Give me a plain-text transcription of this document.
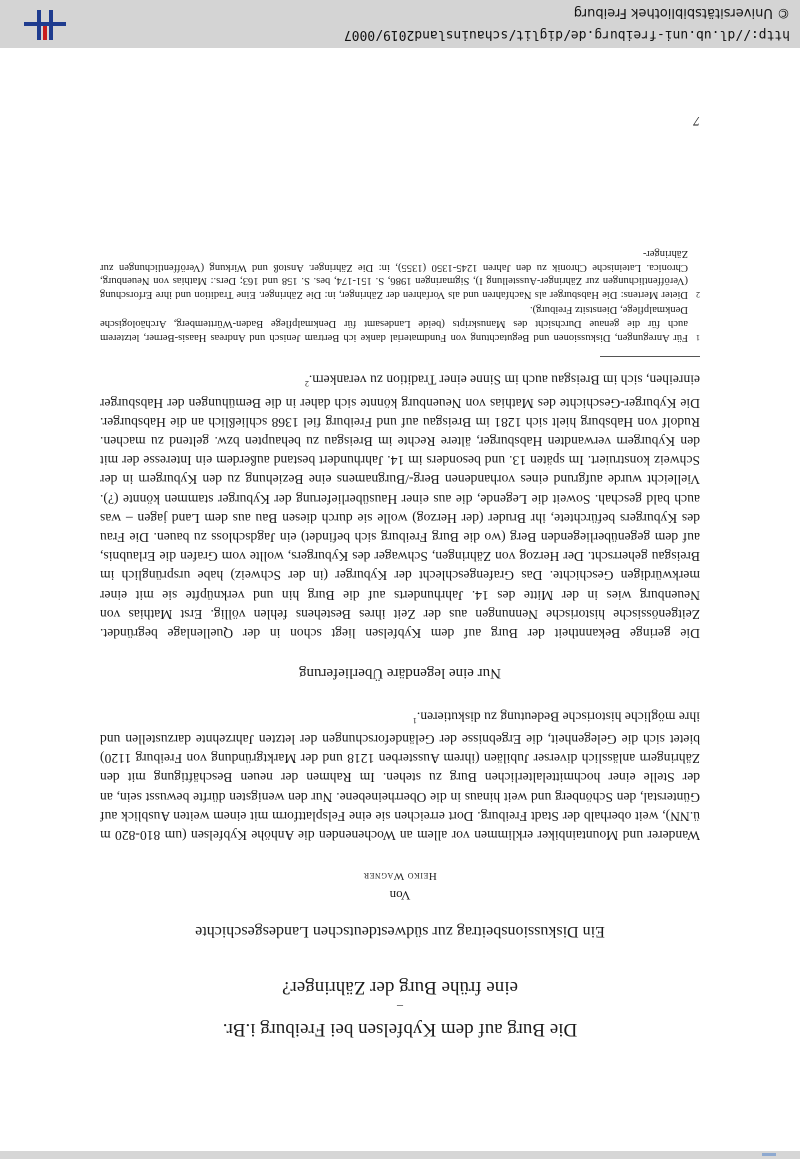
Die Burg auf dem Kybfelsen bei Freiburg i.Br.

–

eine frühe Burg der Zähringer?

Ein Diskussionsbeitrag zur südwestdeutschen Landesgeschichte

Von

Heiko Wagner

Wanderer und Mountainbiker erklimmen vor allem an Wochenenden die Anhöhe Kybfelsen (um 810-820 m ü.NN), weit oberhalb der Stadt Freiburg. Dort erreichen sie eine Felsplattform mit einem weiten Ausblick auf Günterstal, den Schönberg und weit hinaus in die Oberrheinebene. Nur den wenigsten dürfte bewusst sein, an der Stelle einer hochmittelalterlichen Burg zu stehen. Im Rahmen der neuen Beschäftigung mit den Zähringern anlässlich diverser Jubiläen (ihrem Aussterben 1218 und der Marktgründung von Freiburg 1120) bietet sich die Gelegenheit, die Ergebnisse der Geländeforschungen der letzten Jahrzehnte darzustellen und ihre mögliche historische Bedeutung zu diskutieren.$^1$

Nur eine legendäre Überlieferung

Die geringe Bekanntheit der Burg auf dem Kybfelsen liegt schon in der Quellenlage begründet. Zeitgenössische historische Nennungen aus der Zeit ihres Bestehens fehlen völlig. Erst Mathias von Neuenburg wies in der Mitte des 14. Jahrhunderts auf die Burg hin und verknüpfte sie mit einer merkwürdigen Geschichte. Das Grafengeschlecht der Kyburger (in der Schweiz) habe ursprünglich im Breisgau geherrscht. Der Herzog von Zähringen, Schwager des Kyburgers, wollte vom Grafen die Erlaubnis, auf dem gegenüberliegenden Berg (wo die Burg Freiburg sich befindet) ein Jagdschloss zu bauen. Die Frau des Kyburgers befürchtete, ihr Bruder (der Herzog) wolle sie durch diesen Bau aus dem Land jagen – was auch bald geschah. Soweit die Legende, die aus einer Hausüberlieferung der Kyburger stammen könnte (?). Vielleicht wurde aufgrund eines vorhandenen Berg-/Burgnamens eine Beziehung zu den Kyburgern in der Schweiz konstruiert. Im späten 13. und besonders im 14. Jahrhundert bestand außerdem ein Interesse der mit den Kyburgern verwandten Habsburger, ältere Rechte im Breisgau zu behaupten bzw. geltend zu machen. Rudolf von Habsburg hielt sich 1281 im Breisgau auf und Freiburg fiel 1368 schließlich an die Habsburger. Die Kyburger-Geschichte des Mathias von Neuenburg könnte sich daher in die Bemühungen der Habsburger einreihen, sich im Breisgau auch im Sinne einer Tradition zu verankern.$^2$

1
Für Anregungen, Diskussionen und Begutachtung von Fundmaterial danke ich Bertram Jenisch und Andreas Haasis-Berner, letzterem auch für die genaue Durchsicht des Manuskripts (beide Landesamt für Denkmalpflege Baden-Württemberg, Archäologische Denkmalpflege, Dienstsitz Freiburg).

2
Dieter Mertens: Die Habsburger als Nachfahren und als Vorfahren der Zähringer, in: Die Zähringer. Eine Tradition und ihre Erforschung (Veröffentlichungen zur Zähringer-Ausstellung I), Sigmaringen 1986, S. 151-174, bes. S. 158 und 163; Ders.: Mathias von Neuenburg, Chronica. Lateinische Chronik zu den Jahren 1245-1350 (1355), in: Die Zähringer. Anstoß und Wirkung (Veröffentlichungen zur Zähringer-

7
http://dl.ub.uni-freiburg.de/diglit/schauinsland2019/0007
© Universitätsbibliothek Freiburg
